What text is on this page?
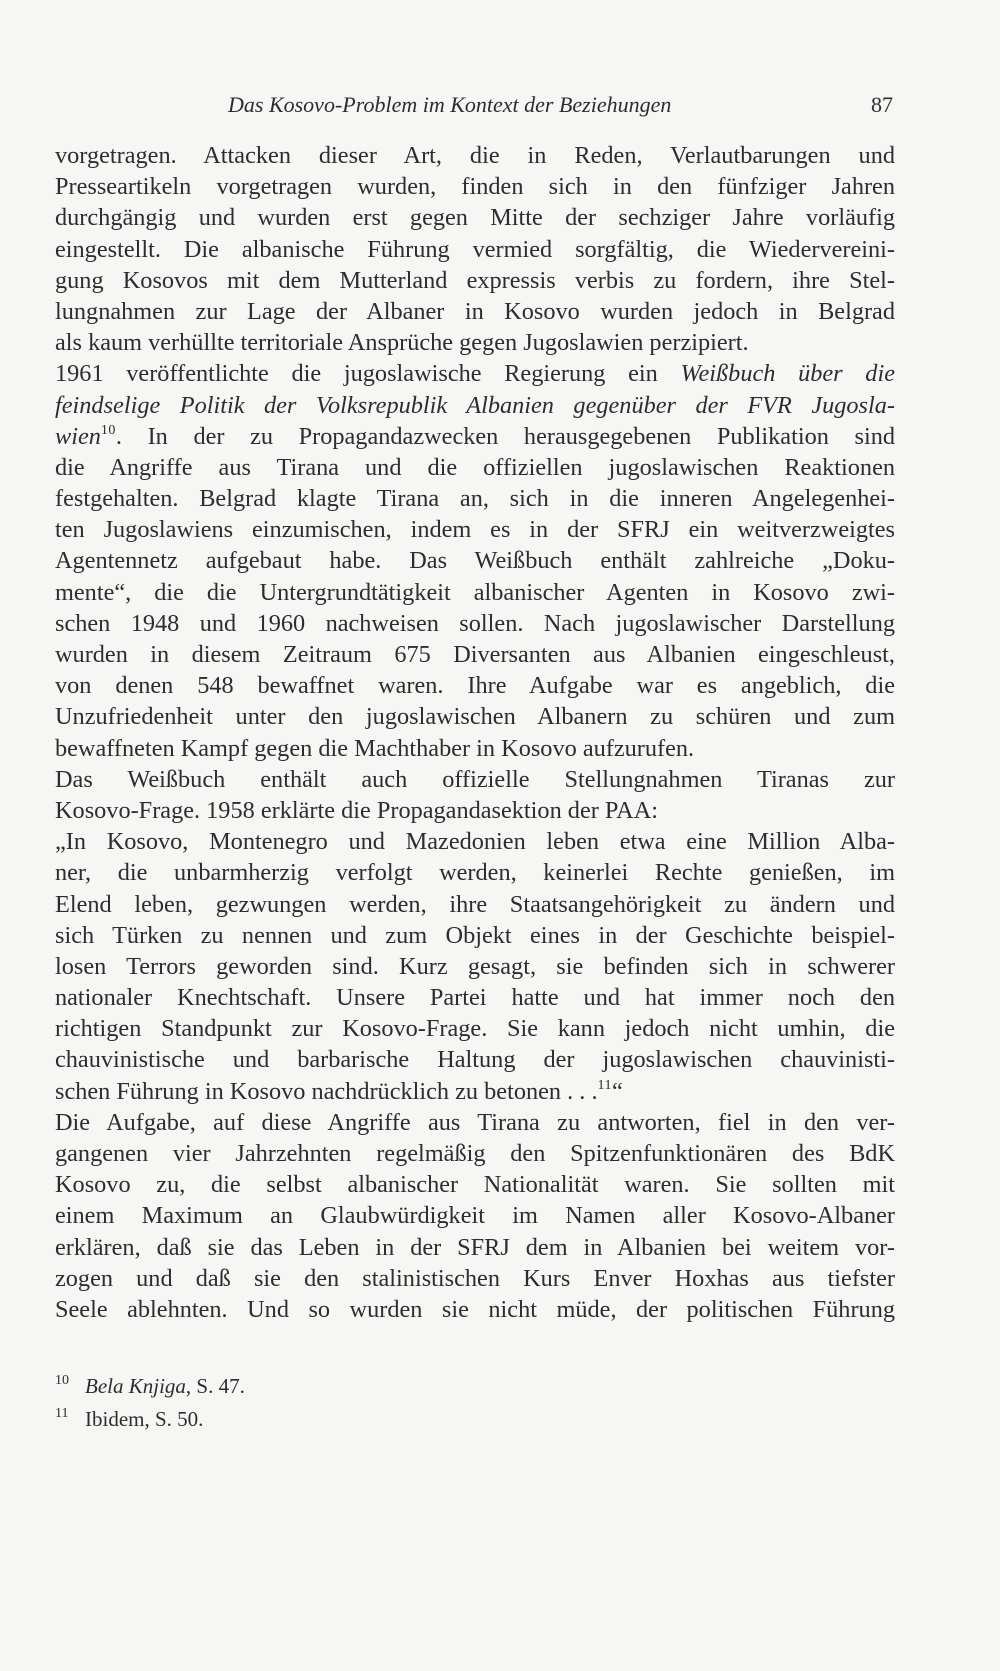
Das Kosovo-Problem im Kontext der Beziehungen	87
vorgetragen. Attacken dieser Art, die in Reden, Verlautbarungen und
Presseartikeln vorgetragen wurden, finden sich in den fünfziger Jahren
durchgängig und wurden erst gegen Mitte der sechziger Jahre vorläufig
eingestellt. Die albanische Führung vermied sorgfältig, die Wiedervereini-
gung Kosovos mit dem Mutterland expressis verbis zu fordern, ihre Stel-
lungnahmen zur Lage der Albaner in Kosovo wurden jedoch in Belgrad
als kaum verhüllte territoriale Ansprüche gegen Jugoslawien perzipiert.
1961 veröffentlichte die jugoslawische Regierung ein Weißbuch über die
feindselige Politik der Volksrepublik Albanien gegenüber der FVR Jugosla-
wien$^{10}$. In der zu Propagandazwecken herausgegebenen Publikation sind
die Angriffe aus Tirana und die offiziellen jugoslawischen Reaktionen
festgehalten. Belgrad klagte Tirana an, sich in die inneren Angelegenhei-
ten Jugoslawiens einzumischen, indem es in der SFRJ ein weitverzweigtes
Agentennetz aufgebaut habe. Das Weißbuch enthält zahlreiche „Doku-
mente“, die die Untergrundtätigkeit albanischer Agenten in Kosovo zwi-
schen 1948 und 1960 nachweisen sollen. Nach jugoslawischer Darstellung
wurden in diesem Zeitraum 675 Diversanten aus Albanien eingeschleust,
von denen 548 bewaffnet waren. Ihre Aufgabe war es angeblich, die
Unzufriedenheit unter den jugoslawischen Albanern zu schüren und zum
bewaffneten Kampf gegen die Machthaber in Kosovo aufzurufen.
Das Weißbuch enthält auch offizielle Stellungnahmen Tiranas zur
Kosovo-Frage. 1958 erklärte die Propagandasektion der PAA:
„In Kosovo, Montenegro und Mazedonien leben etwa eine Million Alba-
ner, die unbarmherzig verfolgt werden, keinerlei Rechte genießen, im
Elend leben, gezwungen werden, ihre Staatsangehörigkeit zu ändern und
sich Türken zu nennen und zum Objekt eines in der Geschichte beispiel-
losen Terrors geworden sind. Kurz gesagt, sie befinden sich in schwerer
nationaler Knechtschaft. Unsere Partei hatte und hat immer noch den
richtigen Standpunkt zur Kosovo-Frage. Sie kann jedoch nicht umhin, die
chauvinistische und barbarische Haltung der jugoslawischen chauvinisti-
schen Führung in Kosovo nachdrücklich zu betonen . . .$^{11}$“
Die Aufgabe, auf diese Angriffe aus Tirana zu antworten, fiel in den ver-
gangenen vier Jahrzehnten regelmäßig den Spitzenfunktionären des BdK
Kosovo zu, die selbst albanischer Nationalität waren. Sie sollten mit
einem Maximum an Glaubwürdigkeit im Namen aller Kosovo-Albaner
erklären, daß sie das Leben in der SFRJ dem in Albanien bei weitem vor-
zogen und daß sie den stalinistischen Kurs Enver Hoxhas aus tiefster
Seele ablehnten. Und so wurden sie nicht müde, der politischen Führung
10 Bela Knjiga, S. 47.
11 Ibidem, S. 50.
